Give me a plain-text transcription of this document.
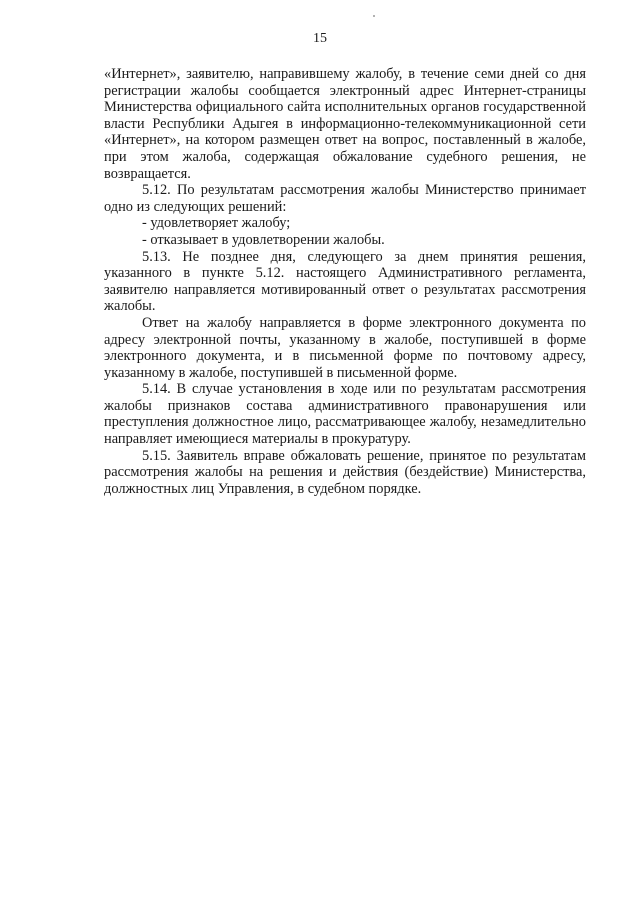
15

«Интернет», заявителю, направившему жалобу, в течение семи дней со дня регистрации жалобы сообщается электронный адрес Интернет-страницы Министерства официального сайта исполнительных органов государственной власти Республики Адыгея в информационно-телекоммуникационной сети «Интернет», на котором размещен ответ на вопрос, поставленный в жалобе, при этом жалоба, содержащая обжалование судебного решения, не возвращается.

5.12. По результатам рассмотрения жалобы Министерство принимает одно из следующих решений:

- удовлетворяет жалобу;

- отказывает в удовлетворении жалобы.

5.13. Не позднее дня, следующего за днем принятия решения, указанного в пункте 5.12. настоящего Административного регламента, заявителю направляется мотивированный ответ о результатах рассмотрения жалобы.

Ответ на жалобу направляется в форме электронного документа по адресу электронной почты, указанному в жалобе, поступившей в форме электронного документа, и в письменной форме по почтовому адресу, указанному в жалобе, поступившей в письменной форме.

5.14. В случае установления в ходе или по результатам рассмотрения жалобы признаков состава административного правонарушения или преступления должностное лицо, рассматривающее жалобу, незамедлительно направляет имеющиеся материалы в прокуратуру.

5.15. Заявитель вправе обжаловать решение, принятое по результатам рассмотрения жалобы на решения и действия (бездействие) Министерства, должностных лиц Управления, в судебном порядке.
